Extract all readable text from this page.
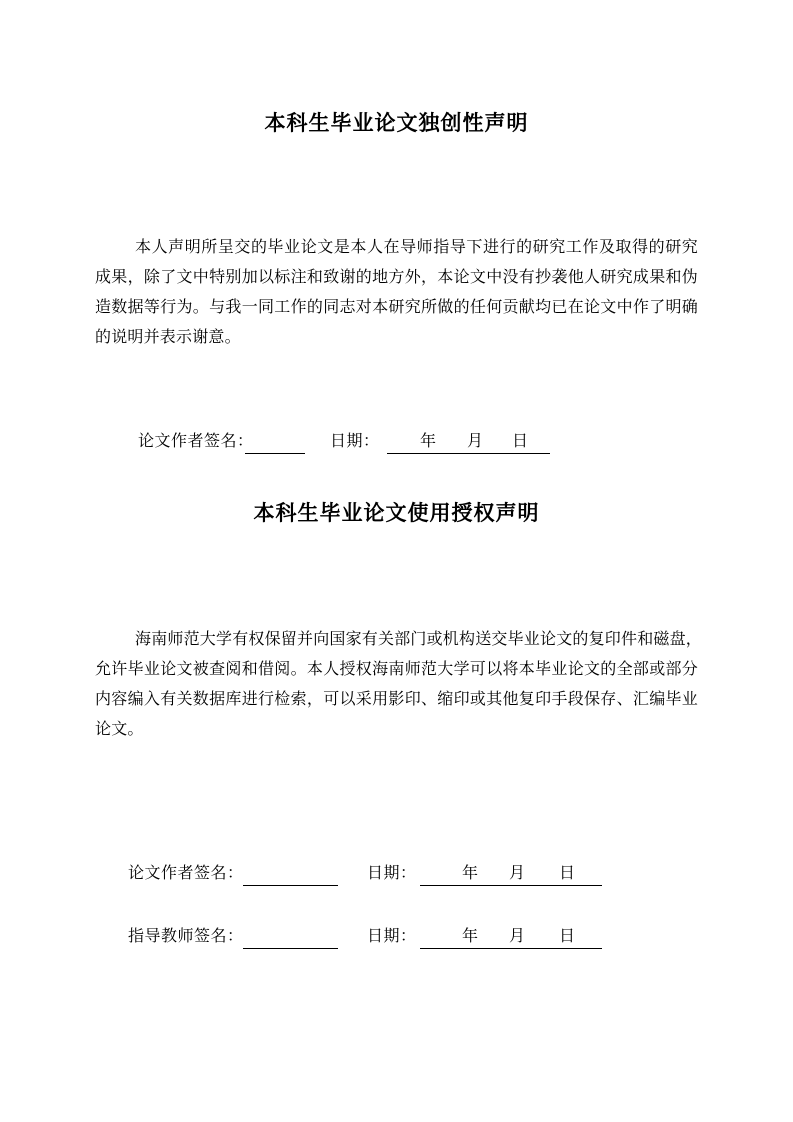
本科生毕业论文独创性声明
本人声明所呈交的毕业论文是本人在导师指导下进行的研究工作及取得的研究
成果，除了文中特别加以标注和致谢的地方外，本论文中没有抄袭他人研究成果和伪
造数据等行为。与我一同工作的同志对本研究所做的任何贡献均已在论文中作了明确
的说明并表示谢意。
论文作者签名：	日期：	年 月 日
本科生毕业论文使用授权声明
海南师范大学有权保留并向国家有关部门或机构送交毕业论文的复印件和磁盘，
允许毕业论文被查阅和借阅。本人授权海南师范大学可以将本毕业论文的全部或部分
内容编入有关数据库进行检索，可以采用影印、缩印或其他复印手段保存、汇编毕业
论文。
论文作者签名：	日期：	年 月 日
指导教师签名：	日期：	年 月 日
